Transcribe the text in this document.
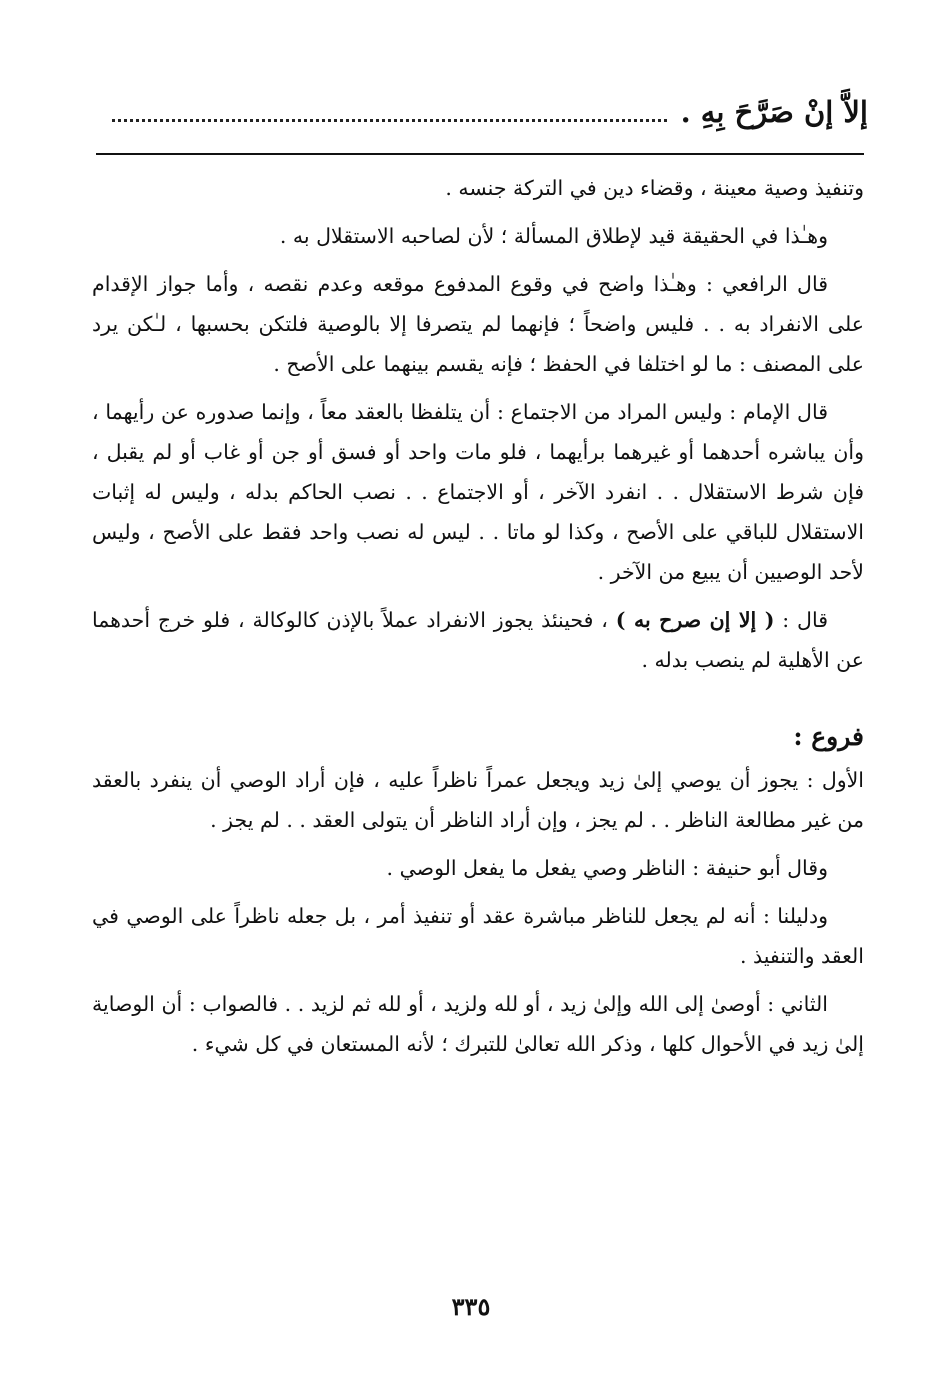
إلاَّ إنْ صَرَّحَ بِهِ .

وتنفيذ وصية معينة ، وقضاء دين في التركة جنسه .

وهـٰذا في الحقيقة قيد لإطلاق المسألة ؛ لأن لصاحبه الاستقلال به .

قال الرافعي : وهـٰذا واضح في وقوع المدفوع موقعه وعدم نقصه ، وأما جواز الإقدام على الانفراد به . . فليس واضحاً ؛ فإنهما لم يتصرفا إلا بالوصية فلتكن بحسبها ، لـٰكن يرد على المصنف : ما لو اختلفا في الحفظ ؛ فإنه يقسم بينهما على الأصح .

قال الإمام : وليس المراد من الاجتماع : أن يتلفظا بالعقد معاً ، وإنما صدوره عن رأيهما ، وأن يباشره أحدهما أو غيرهما برأيهما ، فلو مات واحد أو فسق أو جن أو غاب أو لم يقبل ، فإن شرط الاستقلال . . انفرد الآخر ، أو الاجتماع . . نصب الحاكم بدله ، وليس له إثبات الاستقلال للباقي على الأصح ، وكذا لو ماتا . . ليس له نصب واحد فقط على الأصح ، وليس لأحد الوصيين أن يبيع من الآخر .

قال : ( إلا إن صرح به ) ، فحينئذ يجوز الانفراد عملاً بالإذن كالوكالة ، فلو خرج أحدهما عن الأهلية لم ينصب بدله .

فروع :

الأول : يجوز أن يوصي إلىٰ زيد ويجعل عمراً ناظراً عليه ، فإن أراد الوصي أن ينفرد بالعقد من غير مطالعة الناظر . . لم يجز ، وإن أراد الناظر أن يتولى العقد . . لم يجز .

وقال أبو حنيفة : الناظر وصي يفعل ما يفعل الوصي .

ودليلنا : أنه لم يجعل للناظر مباشرة عقد أو تنفيذ أمر ، بل جعله ناظراً على الوصي في العقد والتنفيذ .

الثاني : أوصىٰ إلى الله وإلىٰ زيد ، أو لله ولزيد ، أو لله ثم لزيد . . فالصواب : أن الوصاية إلىٰ زيد في الأحوال كلها ، وذكر الله تعالىٰ للتبرك ؛ لأنه المستعان في كل شيء .

٣٣٥
